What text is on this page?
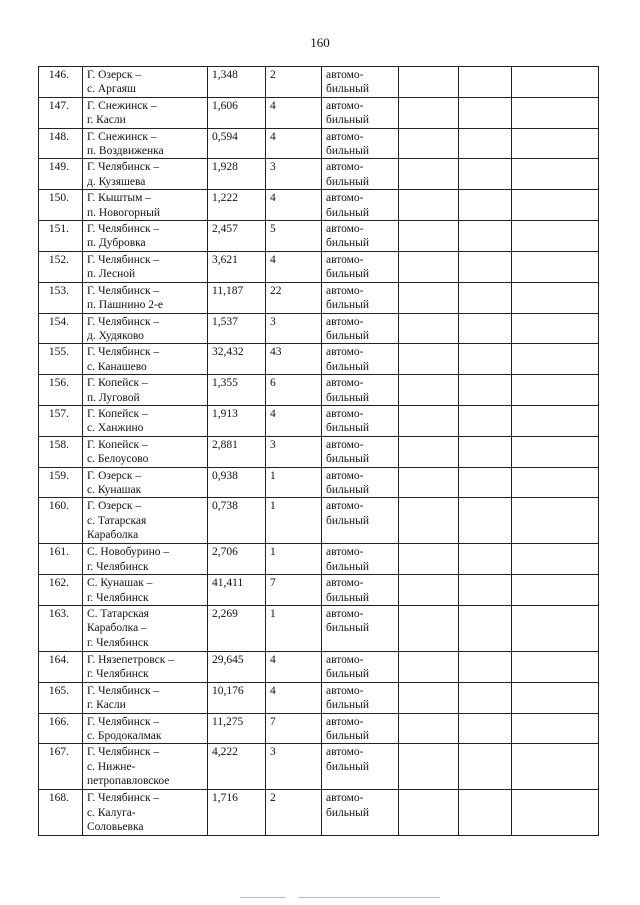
160
146.	Г. Озерск –
с. Аргаяш	1,348	2	автомо-
бильный			
147.	Г. Снежинск –
г. Касли	1,606	4	автомо-
бильный			
148.	Г. Снежинск –
п. Воздвиженка	0,594	4	автомо-
бильный			
149.	Г. Челябинск –
д. Кузяшева	1,928	3	автомо-
бильный			
150.	Г. Кыштым –
п. Новогорный	1,222	4	автомо-
бильный			
151.	Г. Челябинск –
п. Дубровка	2,457	5	автомо-
бильный			
152.	Г. Челябинск –
п. Лесной	3,621	4	автомо-
бильный			
153.	Г. Челябинск –
п. Пашнино 2-е	11,187	22	автомо-
бильный			
154.	Г. Челябинск –
д. Худяково	1,537	3	автомо-
бильный			
155.	Г. Челябинск –
с. Канашево	32,432	43	автомо-
бильный			
156.	Г. Копейск –
п. Луговой	1,355	6	автомо-
бильный			
157.	Г. Копейск –
с. Ханжино	1,913	4	автомо-
бильный			
158.	Г. Копейск –
с. Белоусово	2,881	3	автомо-
бильный			
159.	Г. Озерск –
с. Кунашак	0,938	1	автомо-
бильный			
160.	Г. Озерск –
с. Татарская
Караболка	0,738	1	автомо-
бильный			
161.	С. Новобурино –
г. Челябинск	2,706	1	автомо-
бильный			
162.	С. Кунашак –
г. Челябинск	41,411	7	автомо-
бильный			
163.	С. Татарская
Караболка –
г. Челябинск	2,269	1	автомо-
бильный			
164.	Г. Нязепетровск –
г. Челябинск	29,645	4	автомо-
бильный			
165.	Г. Челябинск –
г. Касли	10,176	4	автомо-
бильный			
166.	Г. Челябинск –
с. Бродокалмак	11,275	7	автомо-
бильный			
167.	Г. Челябинск –
с. Нижне-
петропавловское	4,222	3	автомо-
бильный			
168.	Г. Челябинск –
с. Калуга-
Соловьевка	1,716	2	автомо-
бильный			
